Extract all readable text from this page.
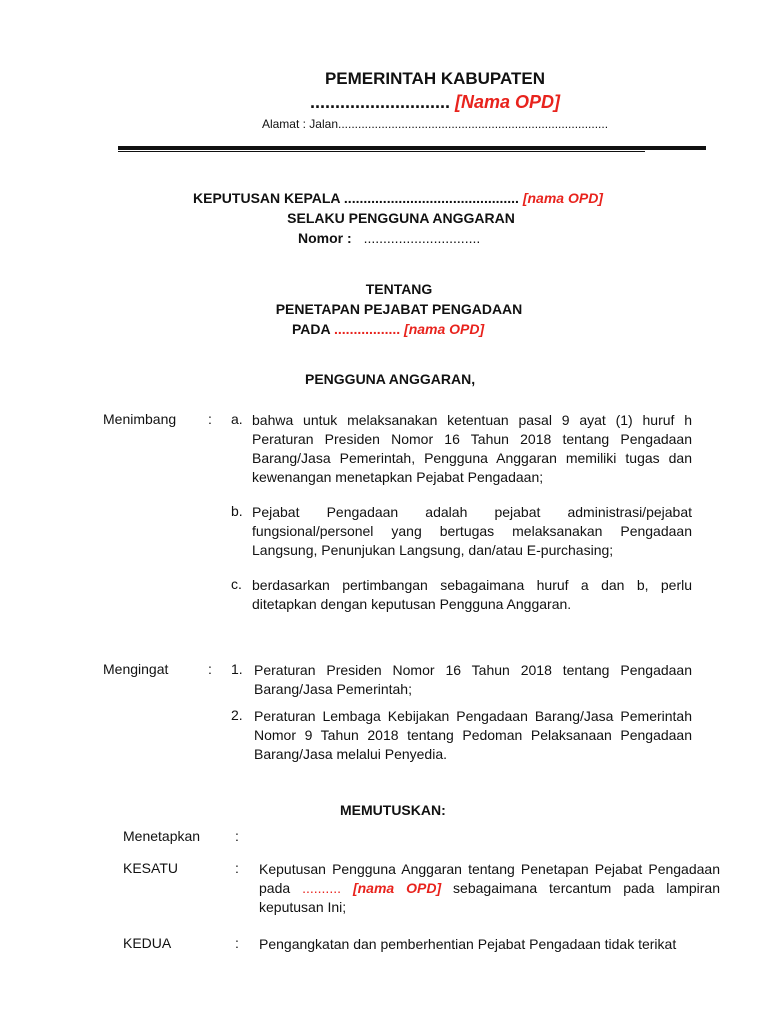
PEMERINTAH KABUPATEN
............................ [Nama OPD]
Alamat : Jalan.................................................................................
KEPUTUSAN KEPALA ............................................. [nama OPD]
SELAKU PENGGUNA ANGGARAN
Nomor : ..............................
TENTANG
PENETAPAN PEJABAT PENGADAAN
PADA ................. [nama OPD]
PENGGUNA ANGGARAN,
Menimbang : a. bahwa untuk melaksanakan ketentuan pasal 9 ayat (1) huruf h Peraturan Presiden Nomor 16 Tahun 2018 tentang Pengadaan Barang/Jasa Pemerintah, Pengguna Anggaran memiliki tugas dan kewenangan menetapkan Pejabat Pengadaan;
b. Pejabat Pengadaan adalah pejabat administrasi/pejabat fungsional/personel yang bertugas melaksanakan Pengadaan Langsung, Penunjukan Langsung, dan/atau E-purchasing;
c. berdasarkan pertimbangan sebagaimana huruf a dan b, perlu ditetapkan dengan keputusan Pengguna Anggaran.
Mengingat	: 1. Peraturan Presiden Nomor 16 Tahun 2018 tentang Pengadaan Barang/Jasa Pemerintah;
2. Peraturan Lembaga Kebijakan Pengadaan Barang/Jasa Pemerintah Nomor 9 Tahun 2018 tentang Pedoman Pelaksanaan Pengadaan Barang/Jasa melalui Penyedia.
MEMUTUSKAN:
Menetapkan :
KESATU	: Keputusan Pengguna Anggaran tentang Penetapan Pejabat Pengadaan pada .......... [nama OPD] sebagaimana tercantum pada lampiran keputusan Ini;
KEDUA	: Pengangkatan dan pemberhentian Pejabat Pengadaan tidak terikat
